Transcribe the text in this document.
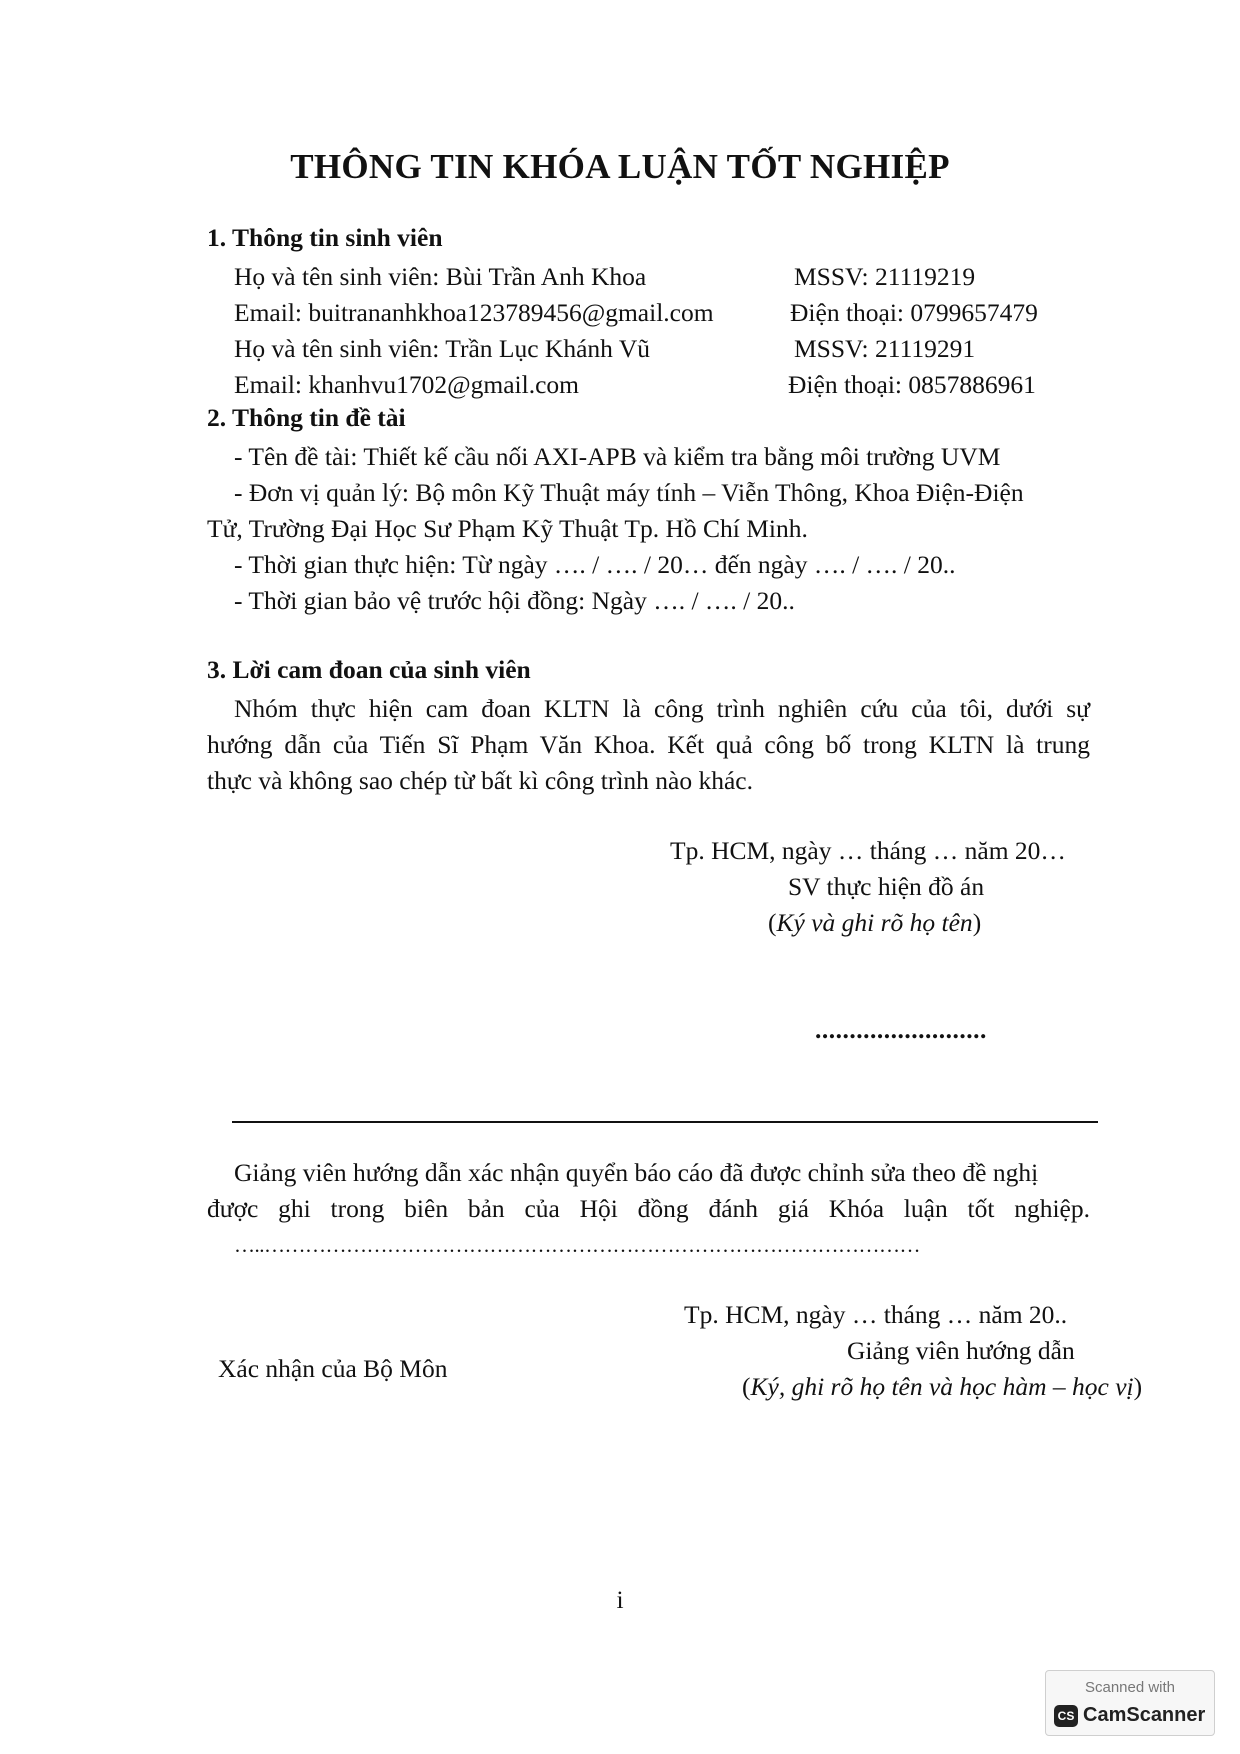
THÔNG TIN KHÓA LUẬN TỐT NGHIỆP
1. Thông tin sinh viên
Họ và tên sinh viên: Bùi Trần Anh Khoa	MSSV: 21119219
Email: buitrananhkhoa123789456@gmail.com	Điện thoại: 0799657479
Họ và tên sinh viên: Trần Lục Khánh Vũ	MSSV: 21119291
Email: khanhvu1702@gmail.com	Điện thoại: 0857886961
2. Thông tin đề tài
- Tên đề tài: Thiết kế cầu nối AXI-APB và kiểm tra bằng môi trường UVM
- Đơn vị quản lý: Bộ môn Kỹ Thuật máy tính – Viễn Thông, Khoa Điện-Điện
Tử, Trường Đại Học Sư Phạm Kỹ Thuật Tp. Hồ Chí Minh.
- Thời gian thực hiện: Từ ngày …. / …. / 20… đến ngày …. / …. / 20..
- Thời gian bảo vệ trước hội đồng: Ngày …. / …. / 20..
3. Lời cam đoan của sinh viên
Nhóm thực hiện cam đoan KLTN là công trình nghiên cứu của tôi, dưới sự
hướng dẫn của Tiến Sĩ Phạm Văn Khoa. Kết quả công bố trong KLTN là trung
thực và không sao chép từ bất kì công trình nào khác.
Tp. HCM, ngày … tháng … năm 20…
SV thực hiện đồ án
(Ký và ghi rõ họ tên)
.........................
Giảng viên hướng dẫn xác nhận quyển báo cáo đã được chỉnh sửa theo đề nghị
được ghi trong biên bản của Hội đồng đánh giá Khóa luận tốt nghiệp.
…..……………………………………………………………………………………
Tp. HCM, ngày … tháng … năm 20..
Giảng viên hướng dẫn
(Ký, ghi rõ họ tên và học hàm – học vị)
Xác nhận của Bộ Môn
i
Scanned with
CS CamScanner
